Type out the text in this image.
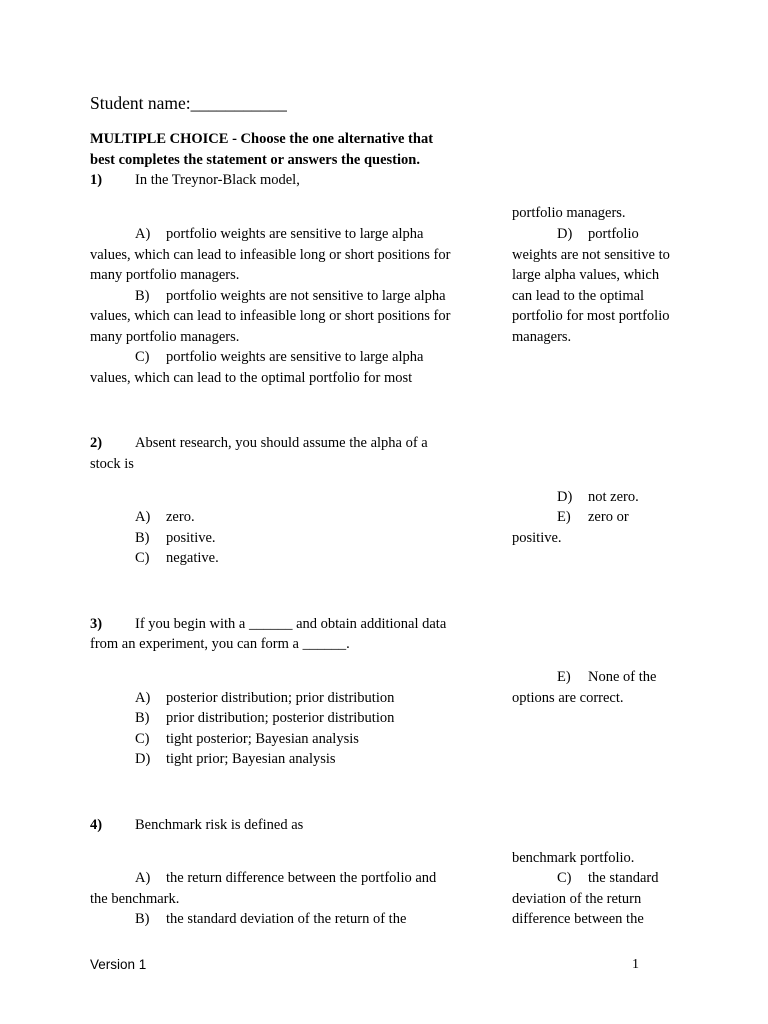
Student name:___________
MULTIPLE CHOICE - Choose the one alternative that
best completes the statement or answers the question.
1) In the Treynor-Black model,
A) portfolio weights are sensitive to large alpha
values, which can lead to infeasible long or short positions for
many portfolio managers.
B) portfolio weights are not sensitive to large alpha
values, which can lead to infeasible long or short positions for
many portfolio managers.
C) portfolio weights are sensitive to large alpha
values, which can lead to the optimal portfolio for most
portfolio managers.
D) portfolio
weights are not sensitive to
large alpha values, which
can lead to the optimal
portfolio for most portfolio
managers.
2) Absent research, you should assume the alpha of a
stock is
A) zero.
B) positive.
C) negative.
D) not zero.
E) zero or
positive.
3) If you begin with a ______ and obtain additional data
from an experiment, you can form a ______.
A) posterior distribution; prior distribution
B) prior distribution; posterior distribution
C) tight posterior; Bayesian analysis
D) tight prior; Bayesian analysis
E) None of the
options are correct.
4) Benchmark risk is defined as
A) the return difference between the portfolio and
the benchmark.
B) the standard deviation of the return of the
benchmark portfolio.
C) the standard
deviation of the return
difference between the
Version 1	1
